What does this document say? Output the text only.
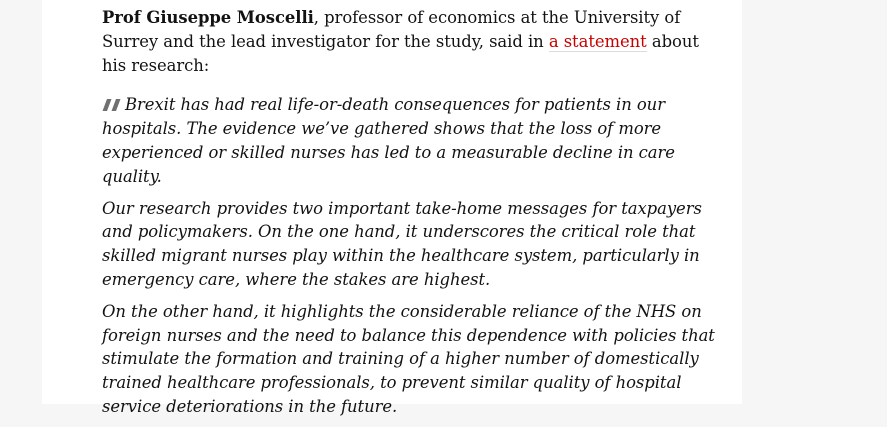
Prof Giuseppe Moscelli, professor of economics at the University of Surrey and the lead investigator for the study, said in a statement about his research:

Brexit has had real life-or-death consequences for patients in our hospitals. The evidence we’ve gathered shows that the loss of more experienced or skilled nurses has led to a measurable decline in care quality.

Our research provides two important take-home messages for taxpayers and policymakers. On the one hand, it underscores the critical role that skilled migrant nurses play within the healthcare system, particularly in emergency care, where the stakes are highest.

On the other hand, it highlights the considerable reliance of the NHS on foreign nurses and the need to balance this dependence with policies that stimulate the formation and training of a higher number of domestically trained healthcare professionals, to prevent similar quality of hospital service deteriorations in the future.
